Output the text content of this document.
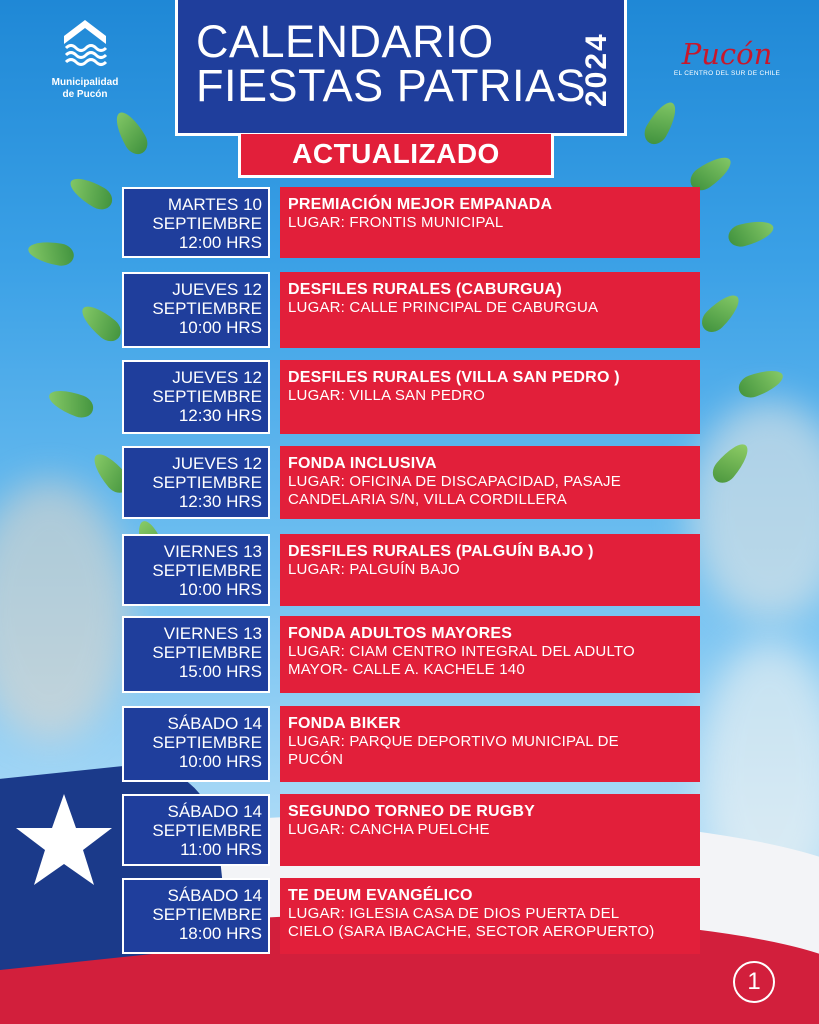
Municipalidad
de Pucón
CALENDARIO
FIESTAS PATRIAS
2024
ACTUALIZADO
Pucón
EL CENTRO DEL SUR DE CHILE
MARTES 10
SEPTIEMBRE
12:00 HRS
PREMIACIÓN MEJOR EMPANADA
LUGAR: FRONTIS MUNICIPAL
JUEVES 12
SEPTIEMBRE
10:00 HRS
DESFILES RURALES (CABURGUA)
LUGAR: CALLE PRINCIPAL DE CABURGUA
JUEVES 12
SEPTIEMBRE
12:30 HRS
DESFILES RURALES (VILLA SAN PEDRO )
LUGAR: VILLA SAN PEDRO
JUEVES 12
SEPTIEMBRE
12:30 HRS
FONDA INCLUSIVA
LUGAR: OFICINA DE DISCAPACIDAD, PASAJE
CANDELARIA S/N, VILLA CORDILLERA
VIERNES 13
SEPTIEMBRE
10:00 HRS
DESFILES RURALES (PALGUÍN BAJO )
LUGAR: PALGUÍN BAJO
VIERNES 13
SEPTIEMBRE
15:00 HRS
FONDA ADULTOS MAYORES
LUGAR: CIAM CENTRO INTEGRAL DEL ADULTO
MAYOR- CALLE A. KACHELE 140
SÁBADO 14
SEPTIEMBRE
10:00 HRS
FONDA BIKER
LUGAR: PARQUE DEPORTIVO MUNICIPAL DE
PUCÓN
SÁBADO 14
SEPTIEMBRE
11:00 HRS
SEGUNDO TORNEO DE RUGBY
LUGAR: CANCHA PUELCHE
SÁBADO 14
SEPTIEMBRE
18:00 HRS
TE DEUM EVANGÉLICO
LUGAR: IGLESIA CASA DE DIOS PUERTA DEL
CIELO (SARA IBACACHE, SECTOR AEROPUERTO)
1
